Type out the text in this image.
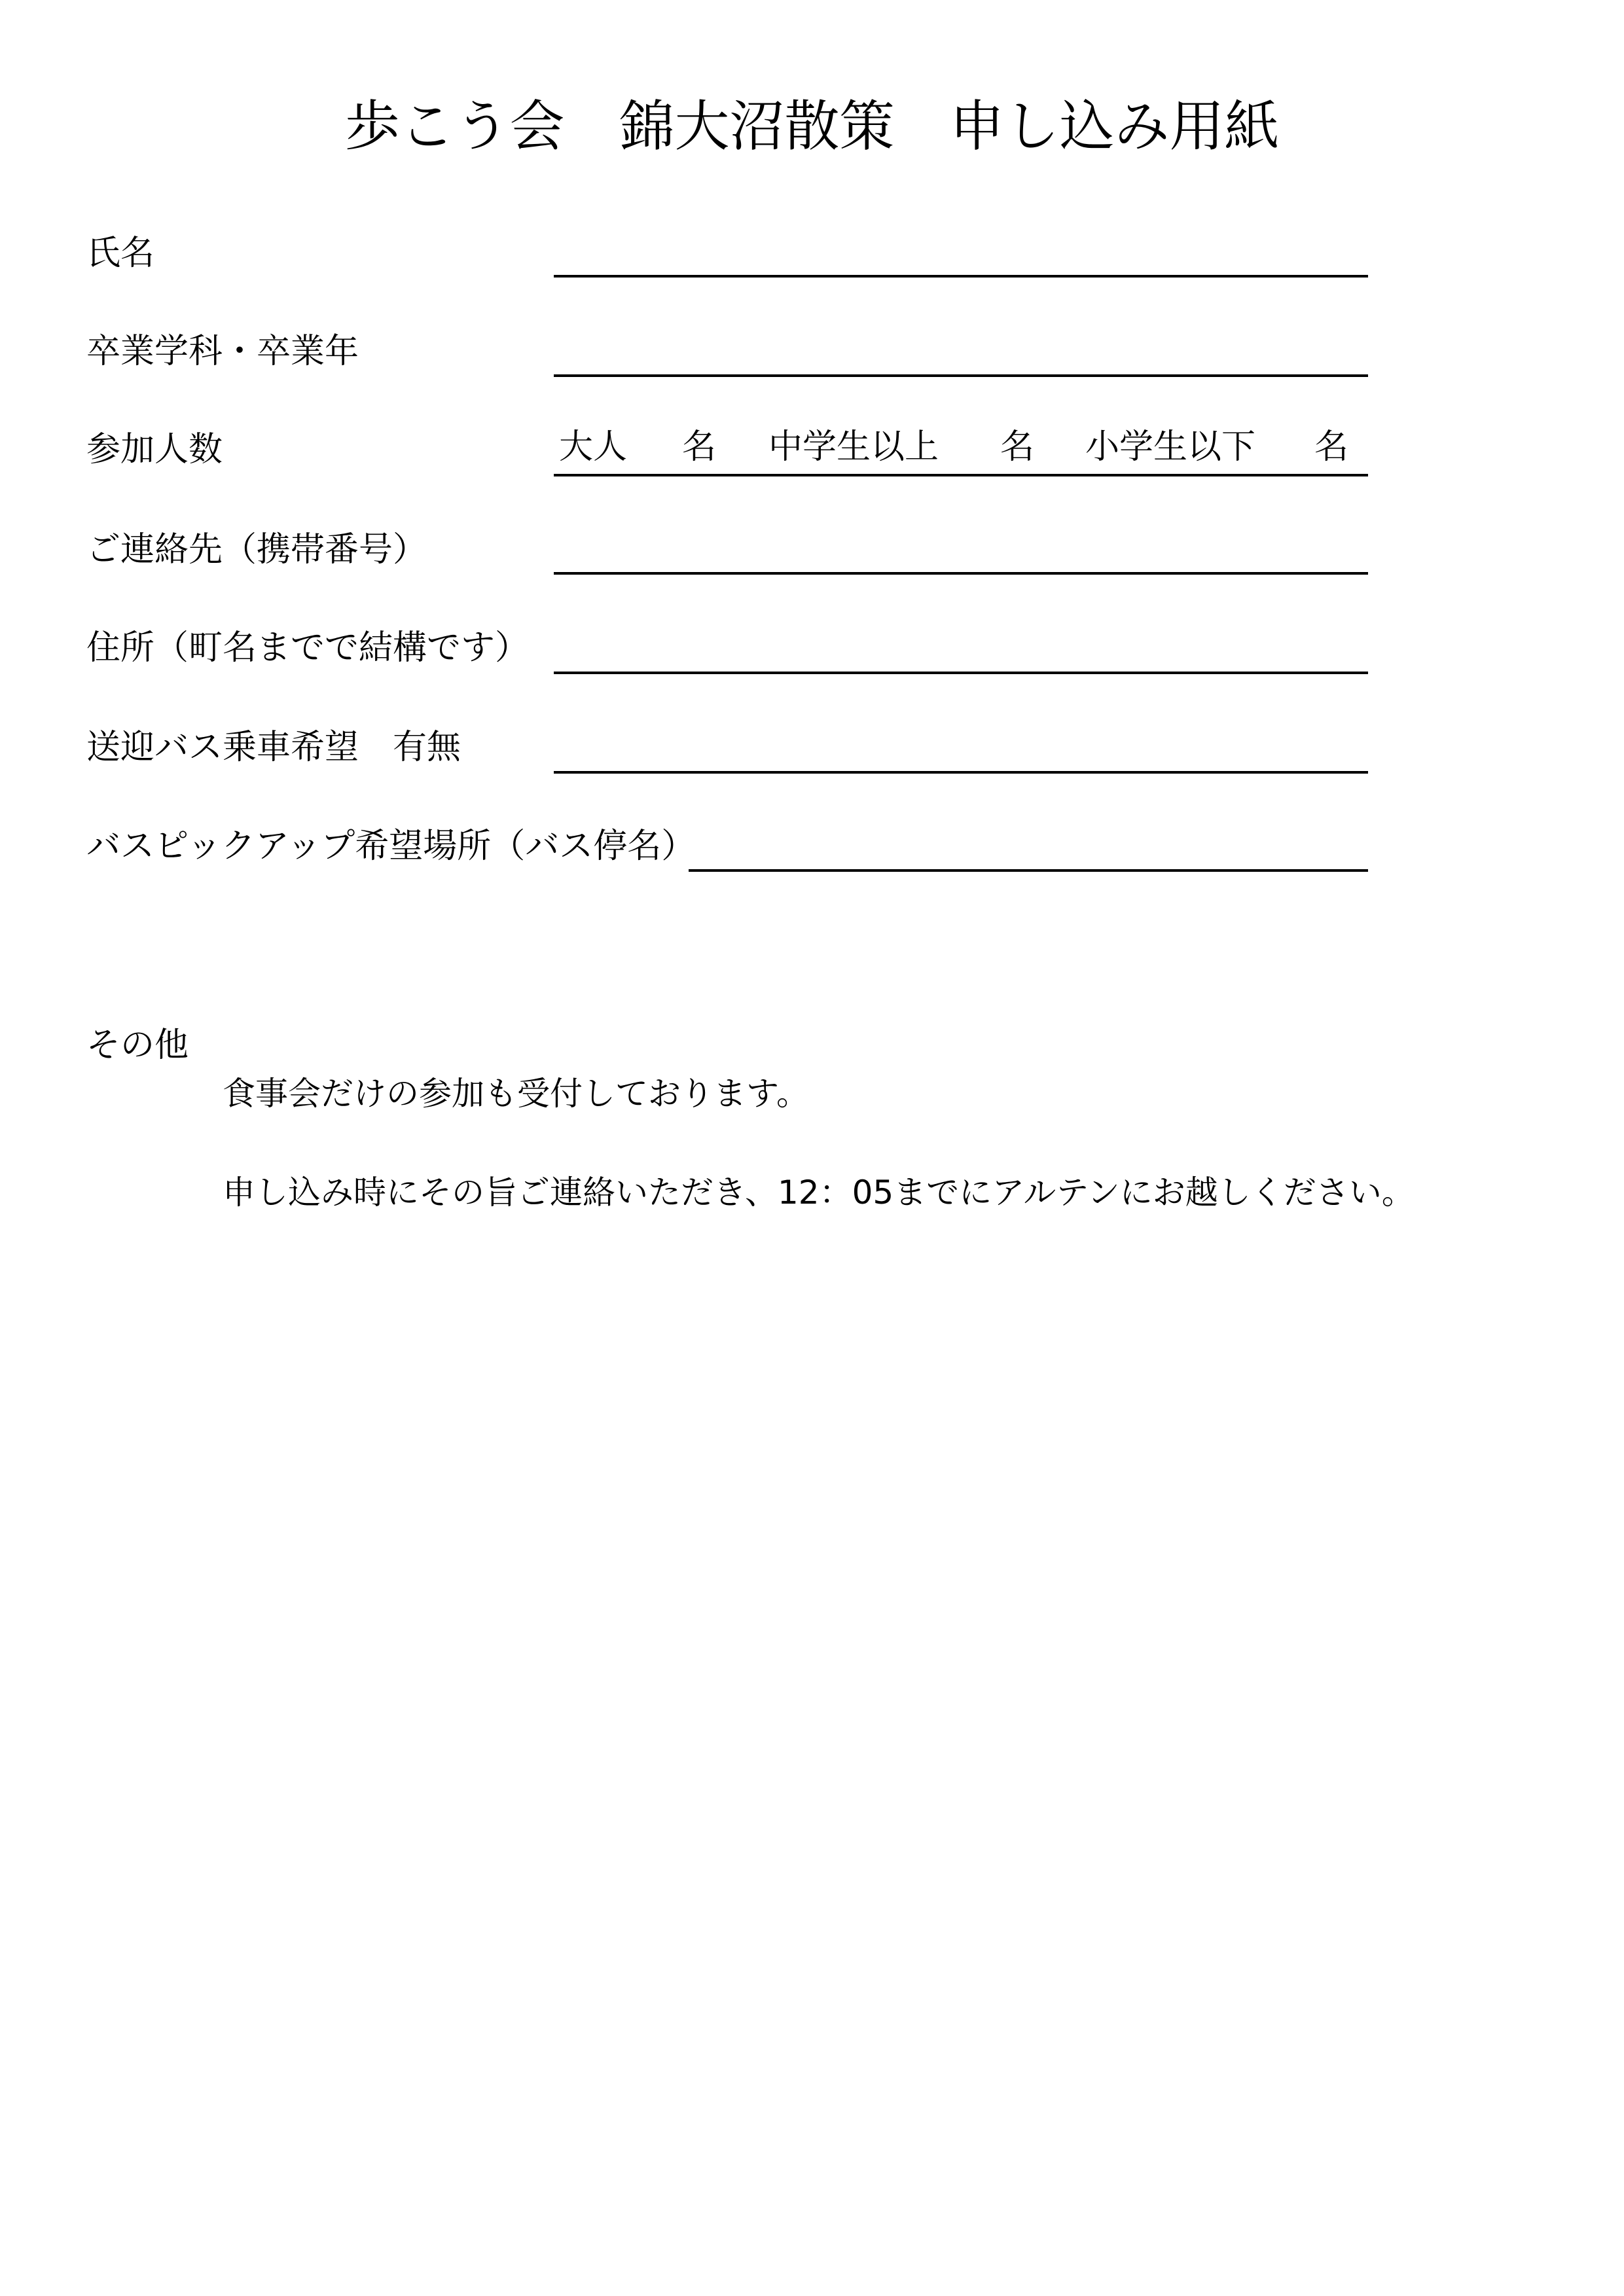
歩こう会　錦大沼散策　申し込み用紙
氏名
卒業学科・卒業年
参加人数	大人 名 中学生以上 名 小学生以下 名
ご連絡先（携帯番号）
住所（町名までで結構です）
送迎バス乗車希望　有無
バスピックアップ希望場所（バス停名）
その他
食事会だけの参加も受付しております。
申し込み時にその旨ご連絡いただき、12：05までにアルテンにお越しください。
